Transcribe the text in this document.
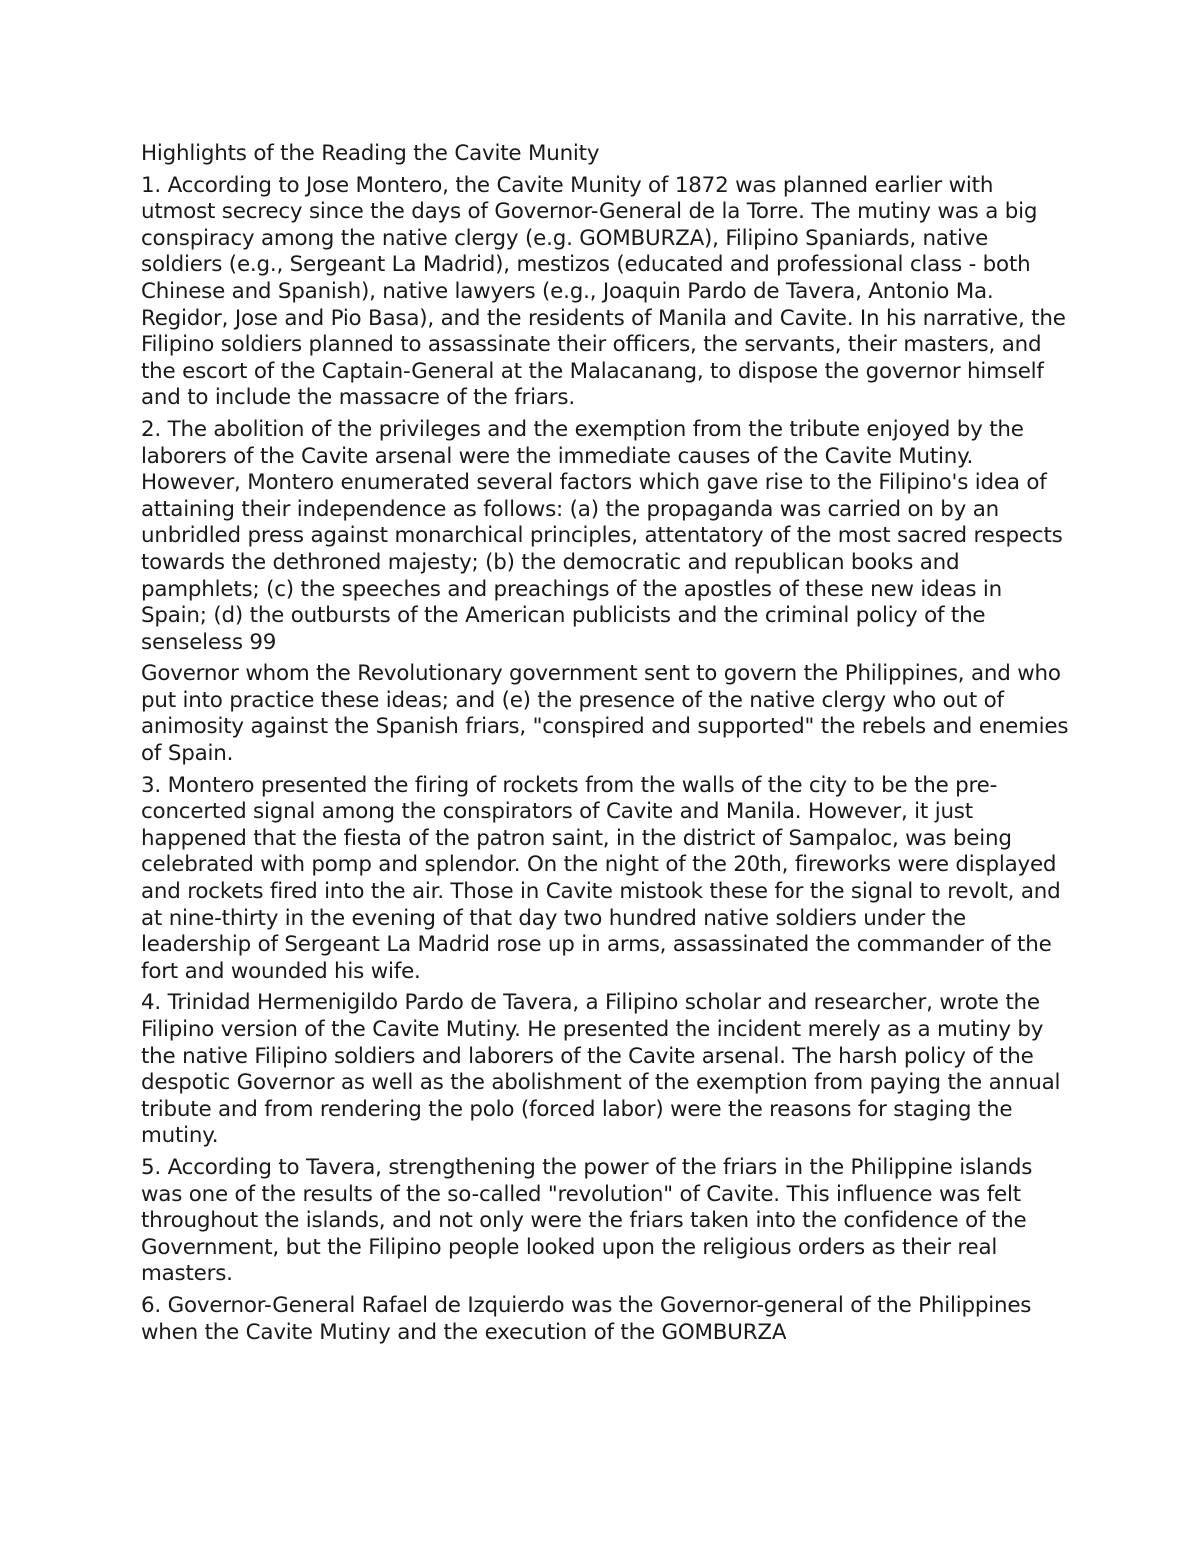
Highlights of the Reading the Cavite Munity

1. According to Jose Montero, the Cavite Munity of 1872 was planned earlier with utmost secrecy since the days of Governor-General de la Torre. The mutiny was a big conspiracy among the native clergy (e.g. GOMBURZA), Filipino Spaniards, native soldiers (e.g., Sergeant La Madrid), mestizos (educated and professional class - both Chinese and Spanish), native lawyers (e.g., Joaquin Pardo de Tavera, Antonio Ma. Regidor, Jose and Pio Basa), and the residents of Manila and Cavite. In his narrative, the Filipino soldiers planned to assassinate their officers, the servants, their masters, and the escort of the Captain-General at the Malacanang, to dispose the governor himself and to include the massacre of the friars.

2. The abolition of the privileges and the exemption from the tribute enjoyed by the laborers of the Cavite arsenal were the immediate causes of the Cavite Mutiny. However, Montero enumerated several factors which gave rise to the Filipino's idea of attaining their independence as follows: (a) the propaganda was carried on by an unbridled press against monarchical principles, attentatory of the most sacred respects towards the dethroned majesty; (b) the democratic and republican books and pamphlets; (c) the speeches and preachings of the apostles of these new ideas in Spain; (d) the outbursts of the American publicists and the criminal policy of the senseless 99

Governor whom the Revolutionary government sent to govern the Philippines, and who put into practice these ideas; and (e) the presence of the native clergy who out of animosity against the Spanish friars, "conspired and supported" the rebels and enemies of Spain.

3. Montero presented the firing of rockets from the walls of the city to be the pre- concerted signal among the conspirators of Cavite and Manila. However, it just happened that the fiesta of the patron saint, in the district of Sampaloc, was being celebrated with pomp and splendor. On the night of the 20th, fireworks were displayed and rockets fired into the air. Those in Cavite mistook these for the signal to revolt, and at nine-thirty in the evening of that day two hundred native soldiers under the leadership of Sergeant La Madrid rose up in arms, assassinated the commander of the fort and wounded his wife.

4. Trinidad Hermenigildo Pardo de Tavera, a Filipino scholar and researcher, wrote the Filipino version of the Cavite Mutiny. He presented the incident merely as a mutiny by the native Filipino soldiers and laborers of the Cavite arsenal. The harsh policy of the despotic Governor as well as the abolishment of the exemption from paying the annual tribute and from rendering the polo (forced labor) were the reasons for staging the mutiny.

5. According to Tavera, strengthening the power of the friars in the Philippine islands was one of the results of the so-called "revolution" of Cavite. This influence was felt throughout the islands, and not only were the friars taken into the confidence of the Government, but the Filipino people looked upon the religious orders as their real masters.

6. Governor-General Rafael de Izquierdo was the Governor-general of the Philippines when the Cavite Mutiny and the execution of the GOMBURZA
